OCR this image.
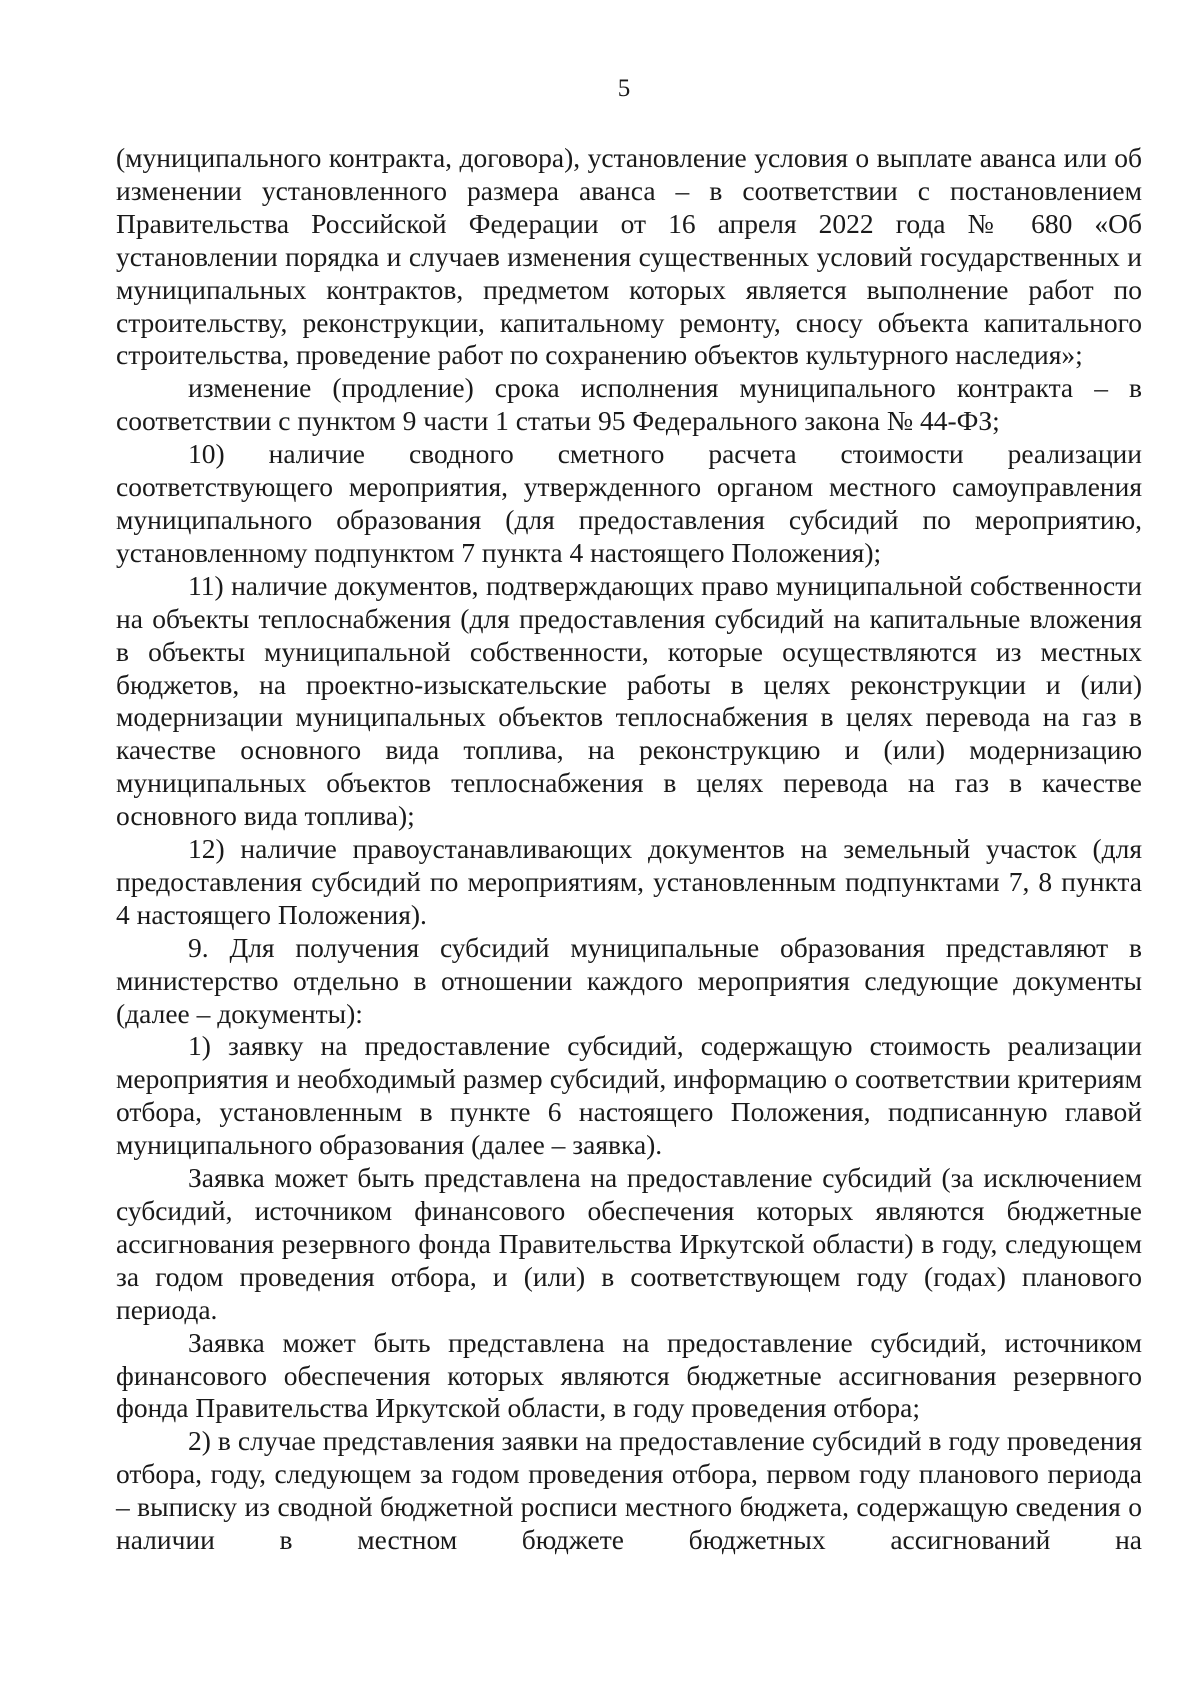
5

(муниципального контракта, договора), установление условия о выплате аванса или об изменении установленного размера аванса – в соответствии с постановлением Правительства Российской Федерации от 16 апреля 2022 года № 680 «Об установлении порядка и случаев изменения существенных условий государственных и муниципальных контрактов, предметом которых является выполнение работ по строительству, реконструкции, капитальному ремонту, сносу объекта капитального строительства, проведение работ по сохранению объектов культурного наследия»;

изменение (продление) срока исполнения муниципального контракта – в соответствии с пунктом 9 части 1 статьи 95 Федерального закона № 44-ФЗ;

10) наличие сводного сметного расчета стоимости реализации соответствующего мероприятия, утвержденного органом местного самоуправления муниципального образования (для предоставления субсидий по мероприятию, установленному подпунктом 7 пункта 4 настоящего Положения);

11) наличие документов, подтверждающих право муниципальной собственности на объекты теплоснабжения (для предоставления субсидий на капитальные вложения в объекты муниципальной собственности, которые осуществляются из местных бюджетов, на проектно-изыскательские работы в целях реконструкции и (или) модернизации муниципальных объектов теплоснабжения в целях перевода на газ в качестве основного вида топлива, на реконструкцию и (или) модернизацию муниципальных объектов теплоснабжения в целях перевода на газ в качестве основного вида топлива);

12) наличие правоустанавливающих документов на земельный участок (для предоставления субсидий по мероприятиям, установленным подпунктами 7, 8 пункта 4 настоящего Положения).

9. Для получения субсидий муниципальные образования представляют в министерство отдельно в отношении каждого мероприятия следующие документы (далее – документы):

1) заявку на предоставление субсидий, содержащую стоимость реализации мероприятия и необходимый размер субсидий, информацию о соответствии критериям отбора, установленным в пункте 6 настоящего Положения, подписанную главой муниципального образования (далее – заявка).

Заявка может быть представлена на предоставление субсидий (за исключением субсидий, источником финансового обеспечения которых являются бюджетные ассигнования резервного фонда Правительства Иркутской области) в году, следующем за годом проведения отбора, и (или) в соответствующем году (годах) планового периода.

Заявка может быть представлена на предоставление субсидий, источником финансового обеспечения которых являются бюджетные ассигнования резервного фонда Правительства Иркутской области, в году проведения отбора;

2) в случае представления заявки на предоставление субсидий в году проведения отбора, году, следующем за годом проведения отбора, первом году планового периода – выписку из сводной бюджетной росписи местного бюджета, содержащую сведения о наличии в местном бюджете бюджетных ассигнований на
